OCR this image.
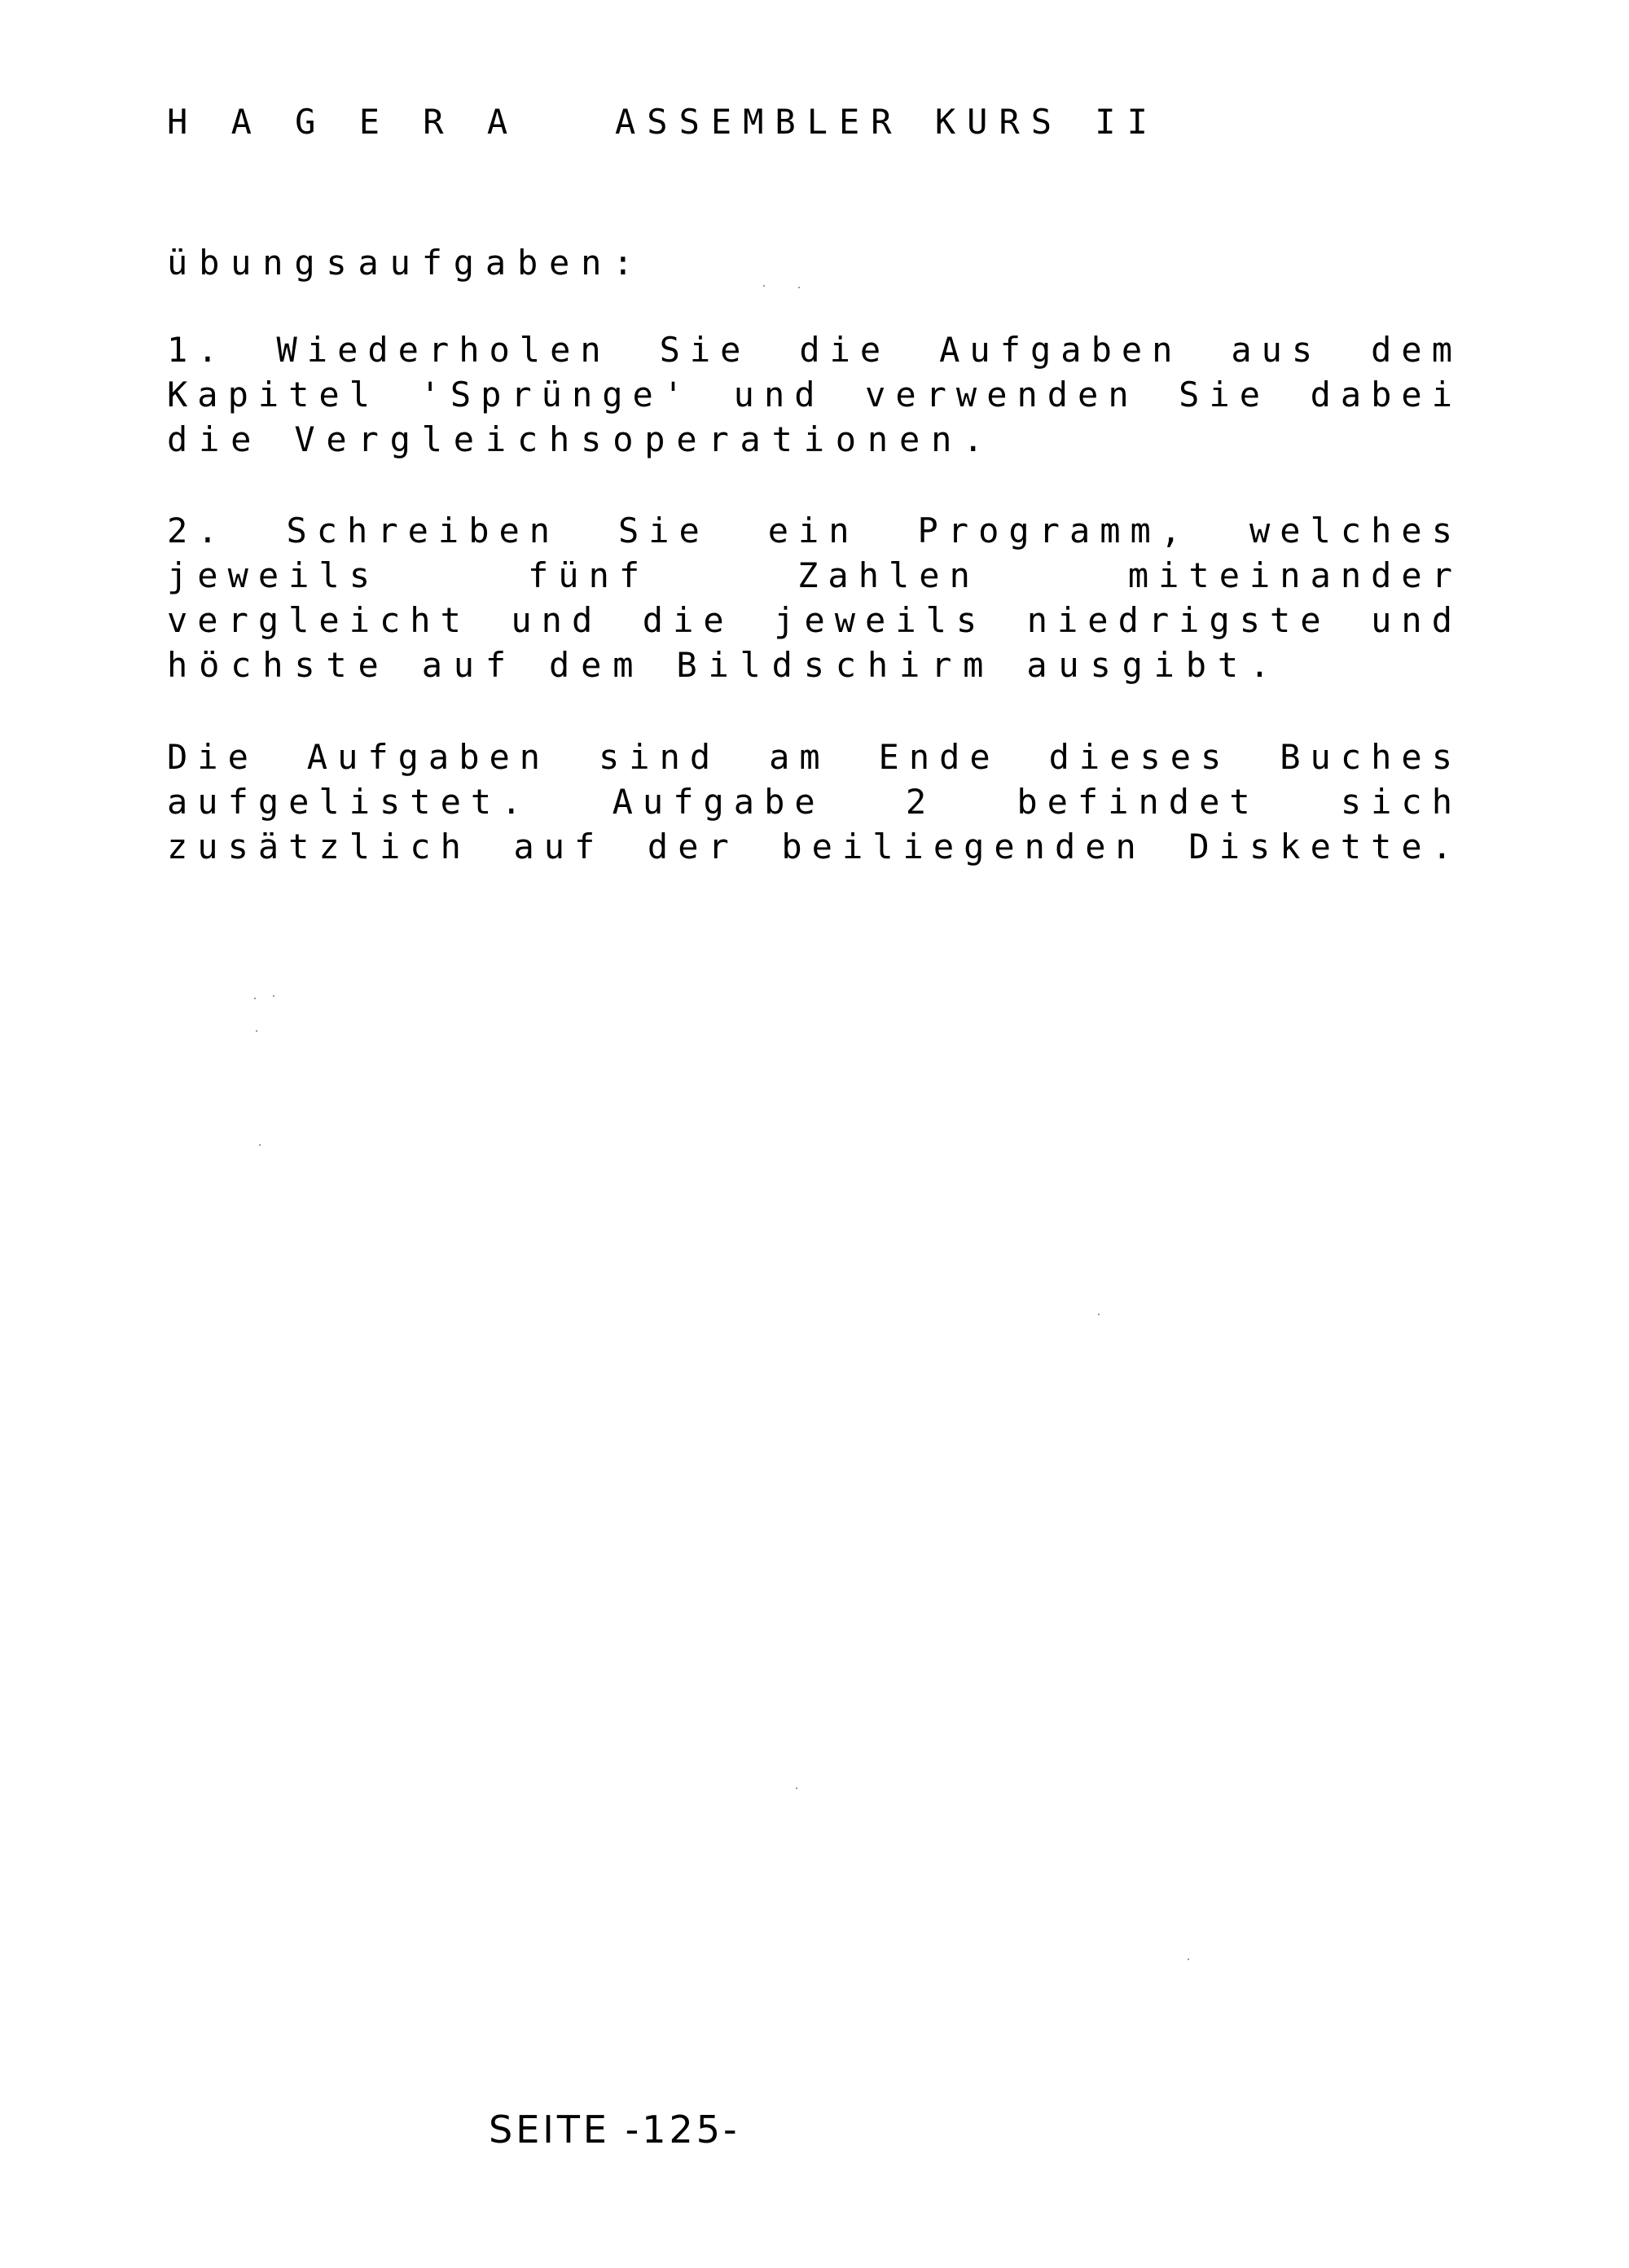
H A G E R A   ASSEMBLER KURS II
übungsaufgaben:
1. Wiederholen Sie die Aufgaben aus dem
Kapitel 'Sprünge' und verwenden Sie dabei
die Vergleichsoperationen.
2. Schreiben Sie ein Programm, welches
jeweils fünf Zahlen miteinander
vergleicht und die jeweils niedrigste und
höchste auf dem Bildschirm ausgibt.
Die Aufgaben sind am Ende dieses Buches
aufgelistet. Aufgabe 2 befindet sich
zusätzlich auf der beiliegenden Diskette.
SEITE -125-
